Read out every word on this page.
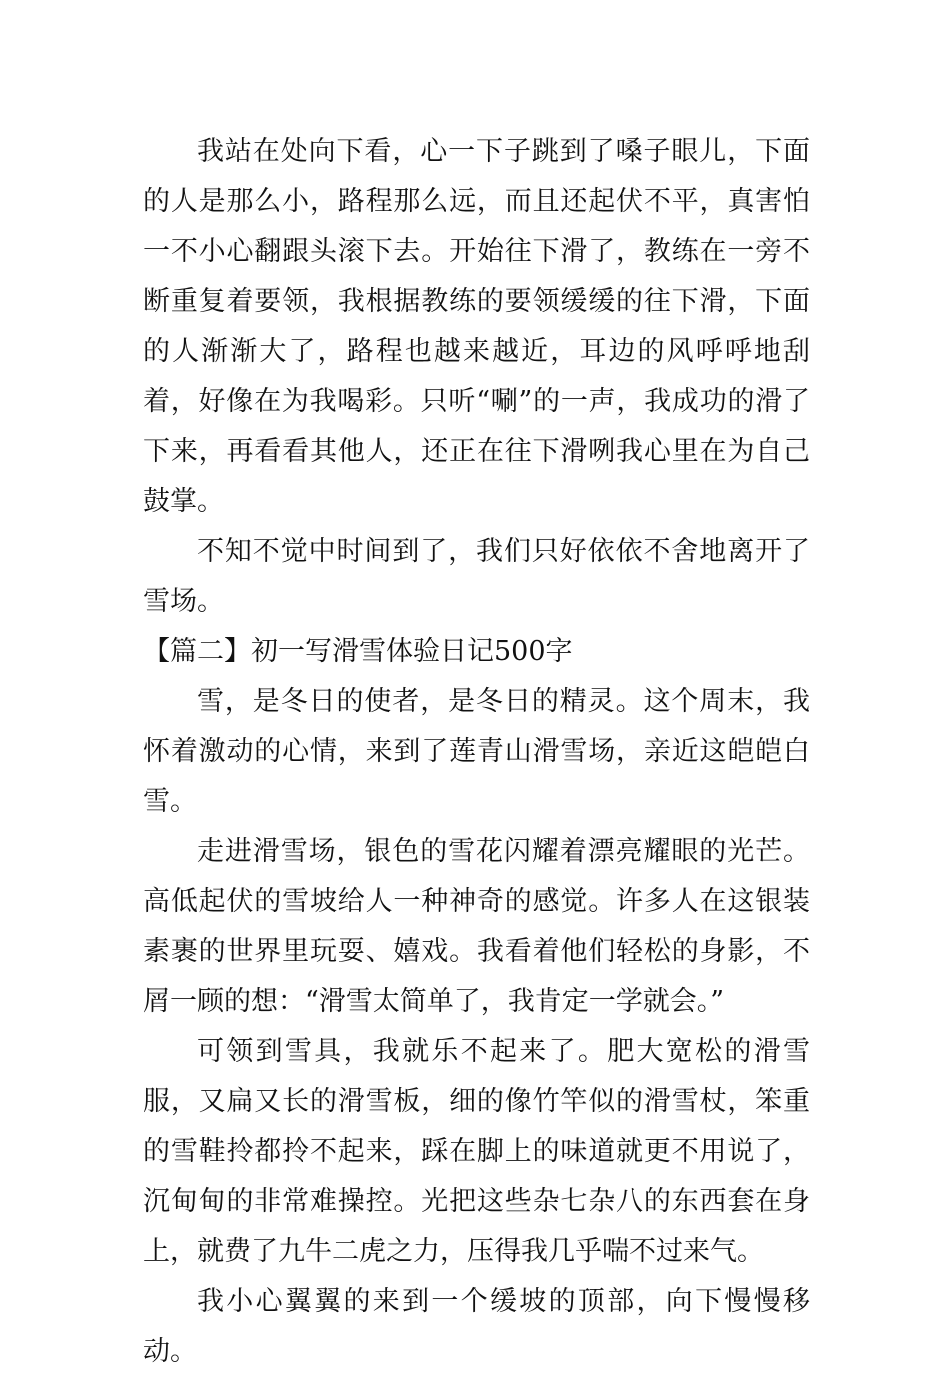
我站在处向下看，心一下子跳到了嗓子眼儿，下面的人是那么小，路程那么远，而且还起伏不平，真害怕一不小心翻跟头滚下去。开始往下滑了，教练在一旁不断重复着要领，我根据教练的要领缓缓的往下滑，下面的人渐渐大了，路程也越来越近，耳边的风呼呼地刮着，好像在为我喝彩。只听“唰”的一声，我成功的滑了下来，再看看其他人，还正在往下滑咧我心里在为自己鼓掌。

不知不觉中时间到了，我们只好依依不舍地离开了雪场。

【篇二】初一写滑雪体验日记500字

雪，是冬日的使者，是冬日的精灵。这个周末，我怀着激动的心情，来到了莲青山滑雪场，亲近这皑皑白雪。

走进滑雪场，银色的雪花闪耀着漂亮耀眼的光芒。高低起伏的雪坡给人一种神奇的感觉。许多人在这银装素裹的世界里玩耍、嬉戏。我看着他们轻松的身影，不屑一顾的想：“滑雪太简单了，我肯定一学就会。”

可领到雪具，我就乐不起来了。肥大宽松的滑雪服，又扁又长的滑雪板，细的像竹竿似的滑雪杖，笨重的雪鞋拎都拎不起来，踩在脚上的味道就更不用说了，沉甸甸的非常难操控。光把这些杂七杂八的东西套在身上，就费了九牛二虎之力，压得我几乎喘不过来气。

我小心翼翼的来到一个缓坡的顶部，向下慢慢移动。
